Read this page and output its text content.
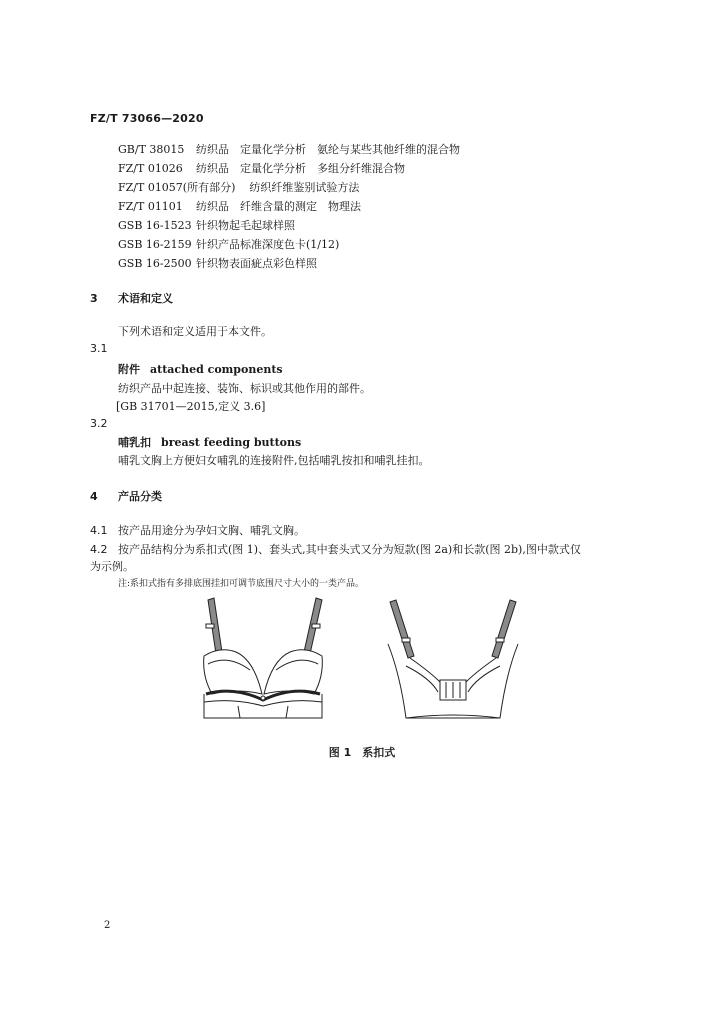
FZ/T 73066—2020
GB/T 38015 纺织品　定量化学分析　氨纶与某些其他纤维的混合物
FZ/T 01026 纺织品　定量化学分析　多组分纤维混合物
FZ/T 01057(所有部分) 纺织纤维鉴别试验方法
FZ/T 01101 纺织品　纤维含量的测定　物理法
GSB 16-1523 针织物起毛起球样照
GSB 16-2159 针织产品标准深度色卡(1/12)
GSB 16-2500 针织物表面疵点彩色样照
3 术语和定义
下列术语和定义适用于本文件。
3.1
附件 attached components
纺织产品中起连接、装饰、标识或其他作用的部件。
[GB 31701—2015,定义 3.6]
3.2
哺乳扣 breast feeding buttons
哺乳文胸上方便妇女哺乳的连接附件,包括哺乳按扣和哺乳挂扣。
4 产品分类
4.1 按产品用途分为孕妇文胸、哺乳文胸。
4.2 按产品结构分为系扣式(图 1)、套头式,其中套头式又分为短款(图 2a)和长款(图 2b),图中款式仅
为示例。
注:系扣式指有多排底围挂扣可调节底围尺寸大小的一类产品。
图 1　系扣式
2
